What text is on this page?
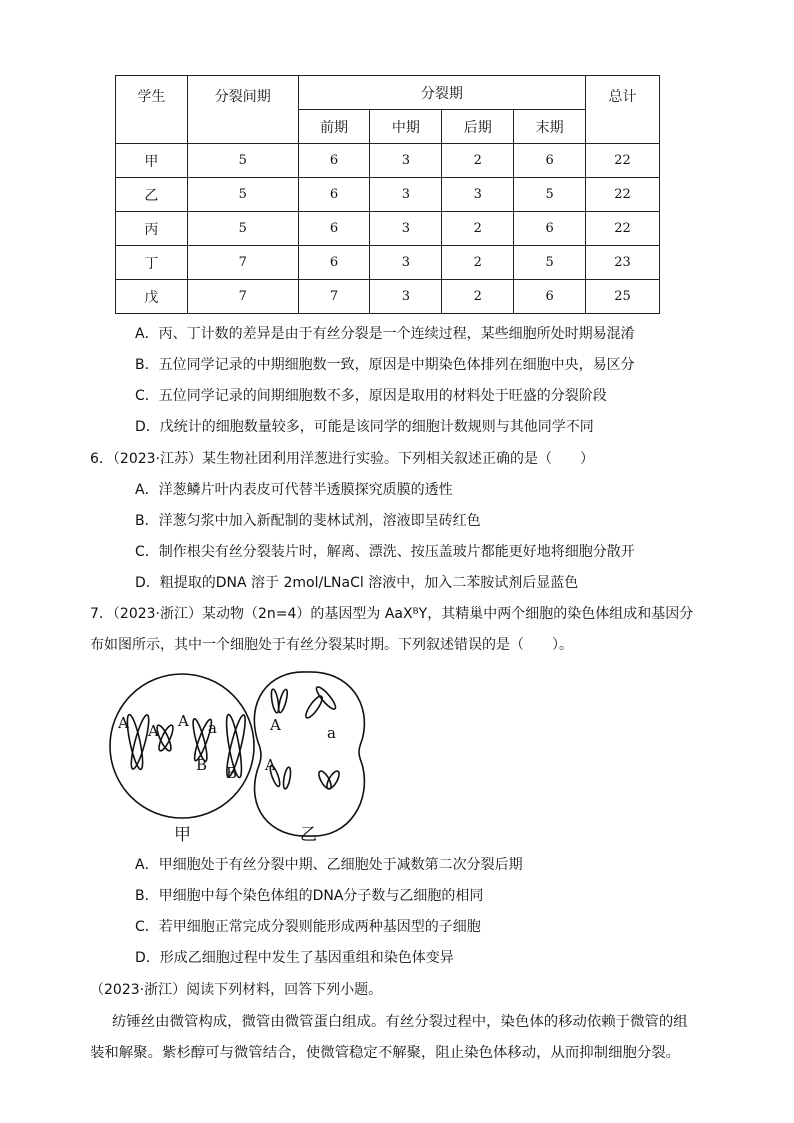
学生	分裂间期	分裂期				总计
		前期	中期	后期	末期	
甲	5	6	3	2	6	22
乙	5	6	3	3	5	22
丙	5	6	3	2	6	22
丁	7	6	3	2	5	23
戊	7	7	3	2	6	25
A．丙、丁计数的差异是由于有丝分裂是一个连续过程，某些细胞所处时期易混淆
B．五位同学记录的中期细胞数一致，原因是中期染色体排列在细胞中央，易区分
C．五位同学记录的间期细胞数不多，原因是取用的材料处于旺盛的分裂阶段
D．戊统计的细胞数量较多，可能是该同学的细胞计数规则与其他同学不同
6．（2023·江苏）某生物社团利用洋葱进行实验。下列相关叙述正确的是（　　）
A．洋葱鳞片叶内表皮可代替半透膜探究质膜的透性
B．洋葱匀浆中加入新配制的斐林试剂，溶液即呈砖红色
C．制作根尖有丝分裂装片时，解离、漂洗、按压盖玻片都能更好地将细胞分散开
D．粗提取的DNA 溶于 2mol/LNaCl 溶液中，加入二苯胺试剂后显蓝色
7．（2023·浙江）某动物（2n=4）的基因型为 AaXᴮY，其精巢中两个细胞的染色体组成和基因分
布如图所示，其中一个细胞处于有丝分裂某时期。下列叙述错误的是（　　）。
A A
A a
B B
A	a
A
甲	乙
A．甲细胞处于有丝分裂中期、乙细胞处于减数第二次分裂后期
B．甲细胞中每个染色体组的DNA分子数与乙细胞的相同
C．若甲细胞正常完成分裂则能形成两种基因型的子细胞
D．形成乙细胞过程中发生了基因重组和染色体变异
（2023·浙江）阅读下列材料，回答下列小题。
纺锤丝由微管构成，微管由微管蛋白组成。有丝分裂过程中，染色体的移动依赖于微管的组
装和解聚。紫杉醇可与微管结合，使微管稳定不解聚，阻止染色体移动，从而抑制细胞分裂。
